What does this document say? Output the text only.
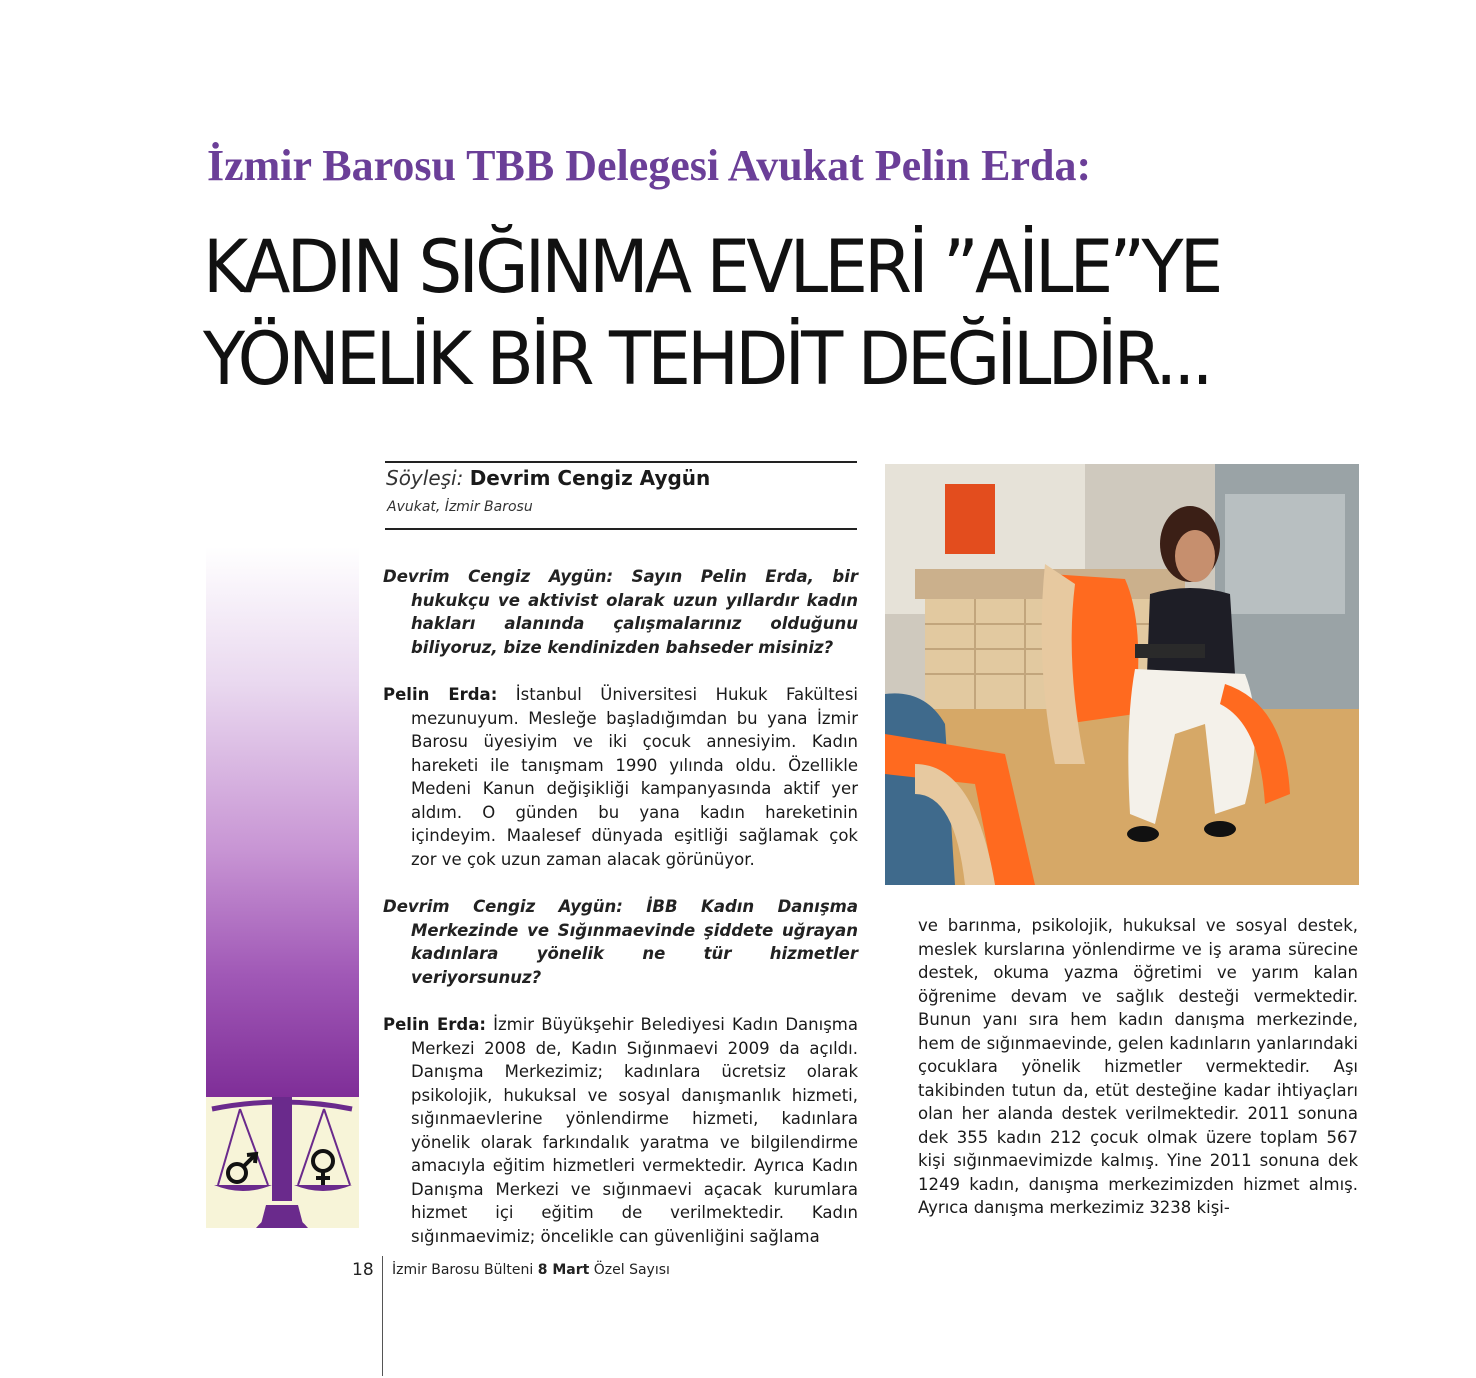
İzmir Barosu TBB Delegesi Avukat Pelin Erda:
KADIN SIĞINMA EVLERİ ”AİLE”YE
YÖNELİK BİR TEHDİT DEĞİLDİR...
Söyleşi: Devrim Cengiz Aygün
Avukat, İzmir Barosu

Devrim Cengiz Aygün: Sayın Pelin Erda, bir hukukçu ve aktivist olarak uzun yıllardır kadın hakları alanında çalışmalarınız olduğunu biliyoruz, bize kendinizden bahseder misiniz?

Pelin Erda: İstanbul Üniversitesi Hukuk Fakültesi mezunuyum. Mesleğe başladığımdan bu yana İzmir Barosu üyesiyim ve iki çocuk annesiyim. Kadın hareketi ile tanışmam 1990 yılında oldu. Özellikle Medeni Kanun değişikliği kampanyasında aktif yer aldım. O günden bu yana kadın hareketinin içindeyim. Maalesef dünyada eşitliği sağlamak çok zor ve çok uzun zaman alacak görünüyor.

Devrim Cengiz Aygün: İBB Kadın Danışma Merkezinde ve Sığınmaevinde şiddete uğrayan kadınlara yönelik ne tür hizmetler veriyorsunuz?

Pelin Erda: İzmir Büyükşehir Belediyesi Kadın Danışma Merkezi 2008 de, Kadın Sığınmaevi 2009 da açıldı. Danışma Merkezimiz; kadınlara ücretsiz olarak psikolojik, hukuksal ve sosyal danışmanlık hizmeti, sığınmaevlerine yönlendirme hizmeti, kadınlara yönelik olarak farkındalık yaratma ve bilgilendirme amacıyla eğitim hizmetleri vermektedir. Ayrıca Kadın Danışma Merkezi ve sığınmaevi açacak kurumlara hizmet içi eğitim de verilmektedir. Kadın sığınmaevimiz; öncelikle can güvenliğini sağlama

ve barınma, psikolojik, hukuksal ve sosyal destek, meslek kurslarına yönlendirme ve iş arama sürecine destek, okuma yazma öğretimi ve yarım kalan öğrenime devam ve sağlık desteği vermektedir. Bunun yanı sıra hem kadın danışma merkezinde, hem de sığınmaevinde, gelen kadınların yanlarındaki çocuklara yönelik hizmetler vermektedir. Aşı takibinden tutun da, etüt desteğine kadar ihtiyaçları olan her alanda destek verilmektedir. 2011 sonuna dek 355 kadın 212 çocuk olmak üzere toplam 567 kişi sığınmaevimizde kalmış. Yine 2011 sonuna dek 1249 kadın, danışma merkezimizden hizmet almış. Ayrıca danışma merkezimiz 3238 kişi-

18 İzmir Barosu Bülteni 8 Mart Özel Sayısı
